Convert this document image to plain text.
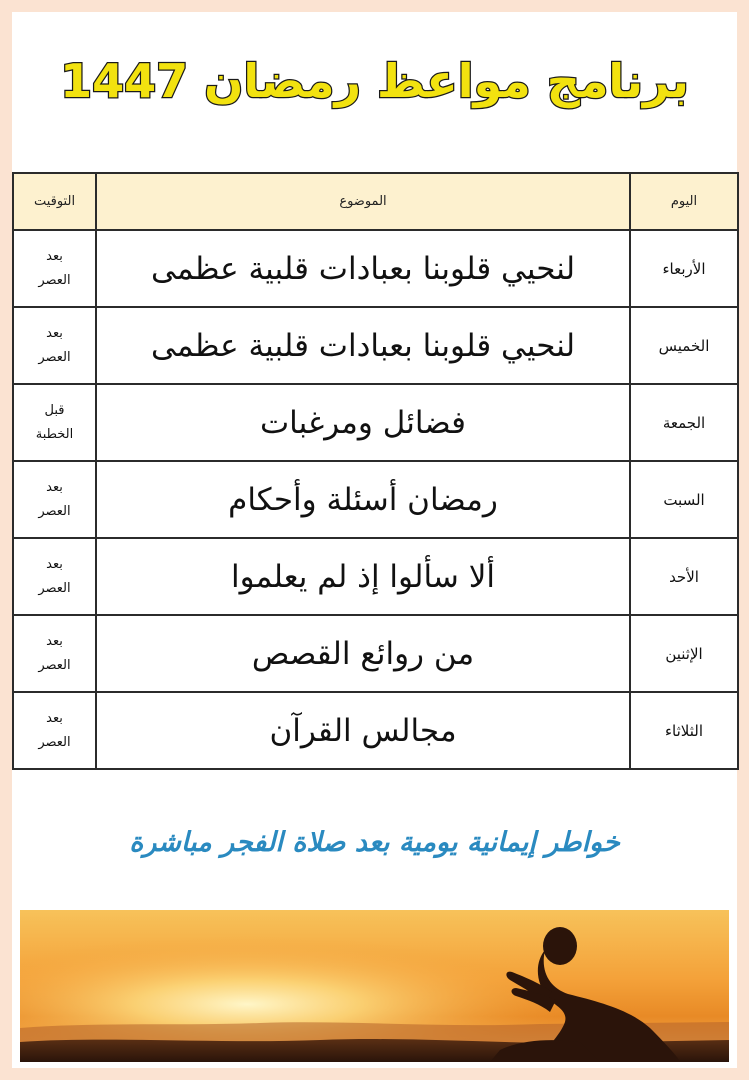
برنامج مواعظ رمضان 1447
اليوم	الموضوع	التوقيت
الأربعاء	لنحيي قلوبنا بعبادات قلبية عظمى	بعد
العصر

الخميس	لنحيي قلوبنا بعبادات قلبية عظمى	بعد
العصر

الجمعة	فضائل ومرغبات	قبل
الخطبة

السبت	رمضان أسئلة وأحكام	بعد
العصر

الأحد	ألا سألوا إذ لم يعلموا	بعد
العصر

الإثنين	من روائع القصص	بعد
العصر

الثلاثاء	مجالس القرآن	بعد
العصر
خواطر إيمانية يومية بعد صلاة الفجر مباشرة
